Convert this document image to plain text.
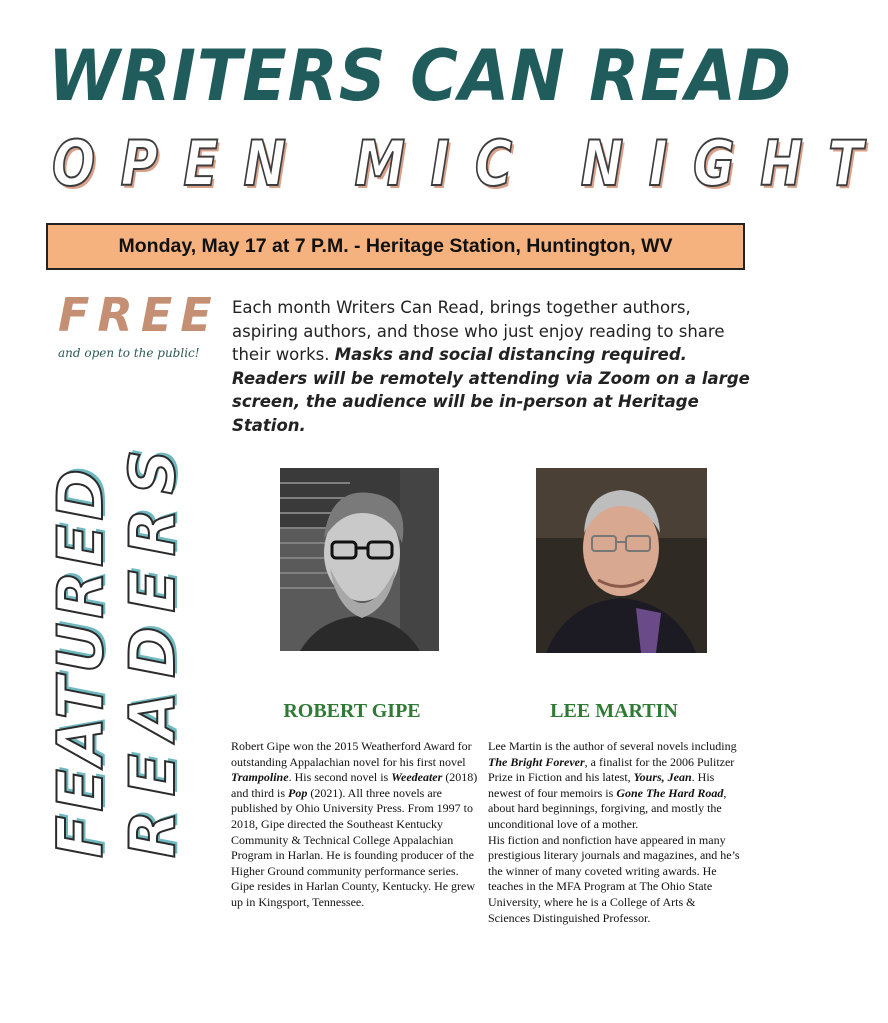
WRITERS CAN READ
OPEN MIC NIGHT
Monday, May 17 at 7 P.M. - Heritage Station, Huntington, WV
FREE
and open to the public!
Each month Writers Can Read, brings together authors, aspiring authors, and those who just enjoy reading to share their works. Masks and social distancing required. Readers will be remotely attending via Zoom on a large screen, the audience will be in-person at Heritage Station.
FEATURED READERS	ROBERT GIPE	LEE MARTIN
Robert Gipe won the 2015 Weatherford Award for outstanding Appalachian novel for his first novel Trampoline. His second novel is Weedeater (2018) and third is Pop (2021). All three novels are published by Ohio University Press. From 1997 to 2018, Gipe directed the Southeast Kentucky Community & Technical College Appalachian Program in Harlan. He is founding producer of the Higher Ground community performance series. Gipe resides in Harlan County, Kentucky. He grew up in Kingsport, Tennessee.
Lee Martin is the author of several novels including The Bright Forever, a finalist for the 2006 Pulitzer Prize in Fiction and his latest, Yours, Jean. His newest of four memoirs is Gone The Hard Road, about hard beginnings, forgiving, and mostly the unconditional love of a mother.
His fiction and nonfiction have appeared in many prestigious literary journals and magazines, and he’s the winner of many coveted writing awards. He teaches in the MFA Program at The Ohio State University, where he is a College of Arts & Sciences Distinguished Professor.
